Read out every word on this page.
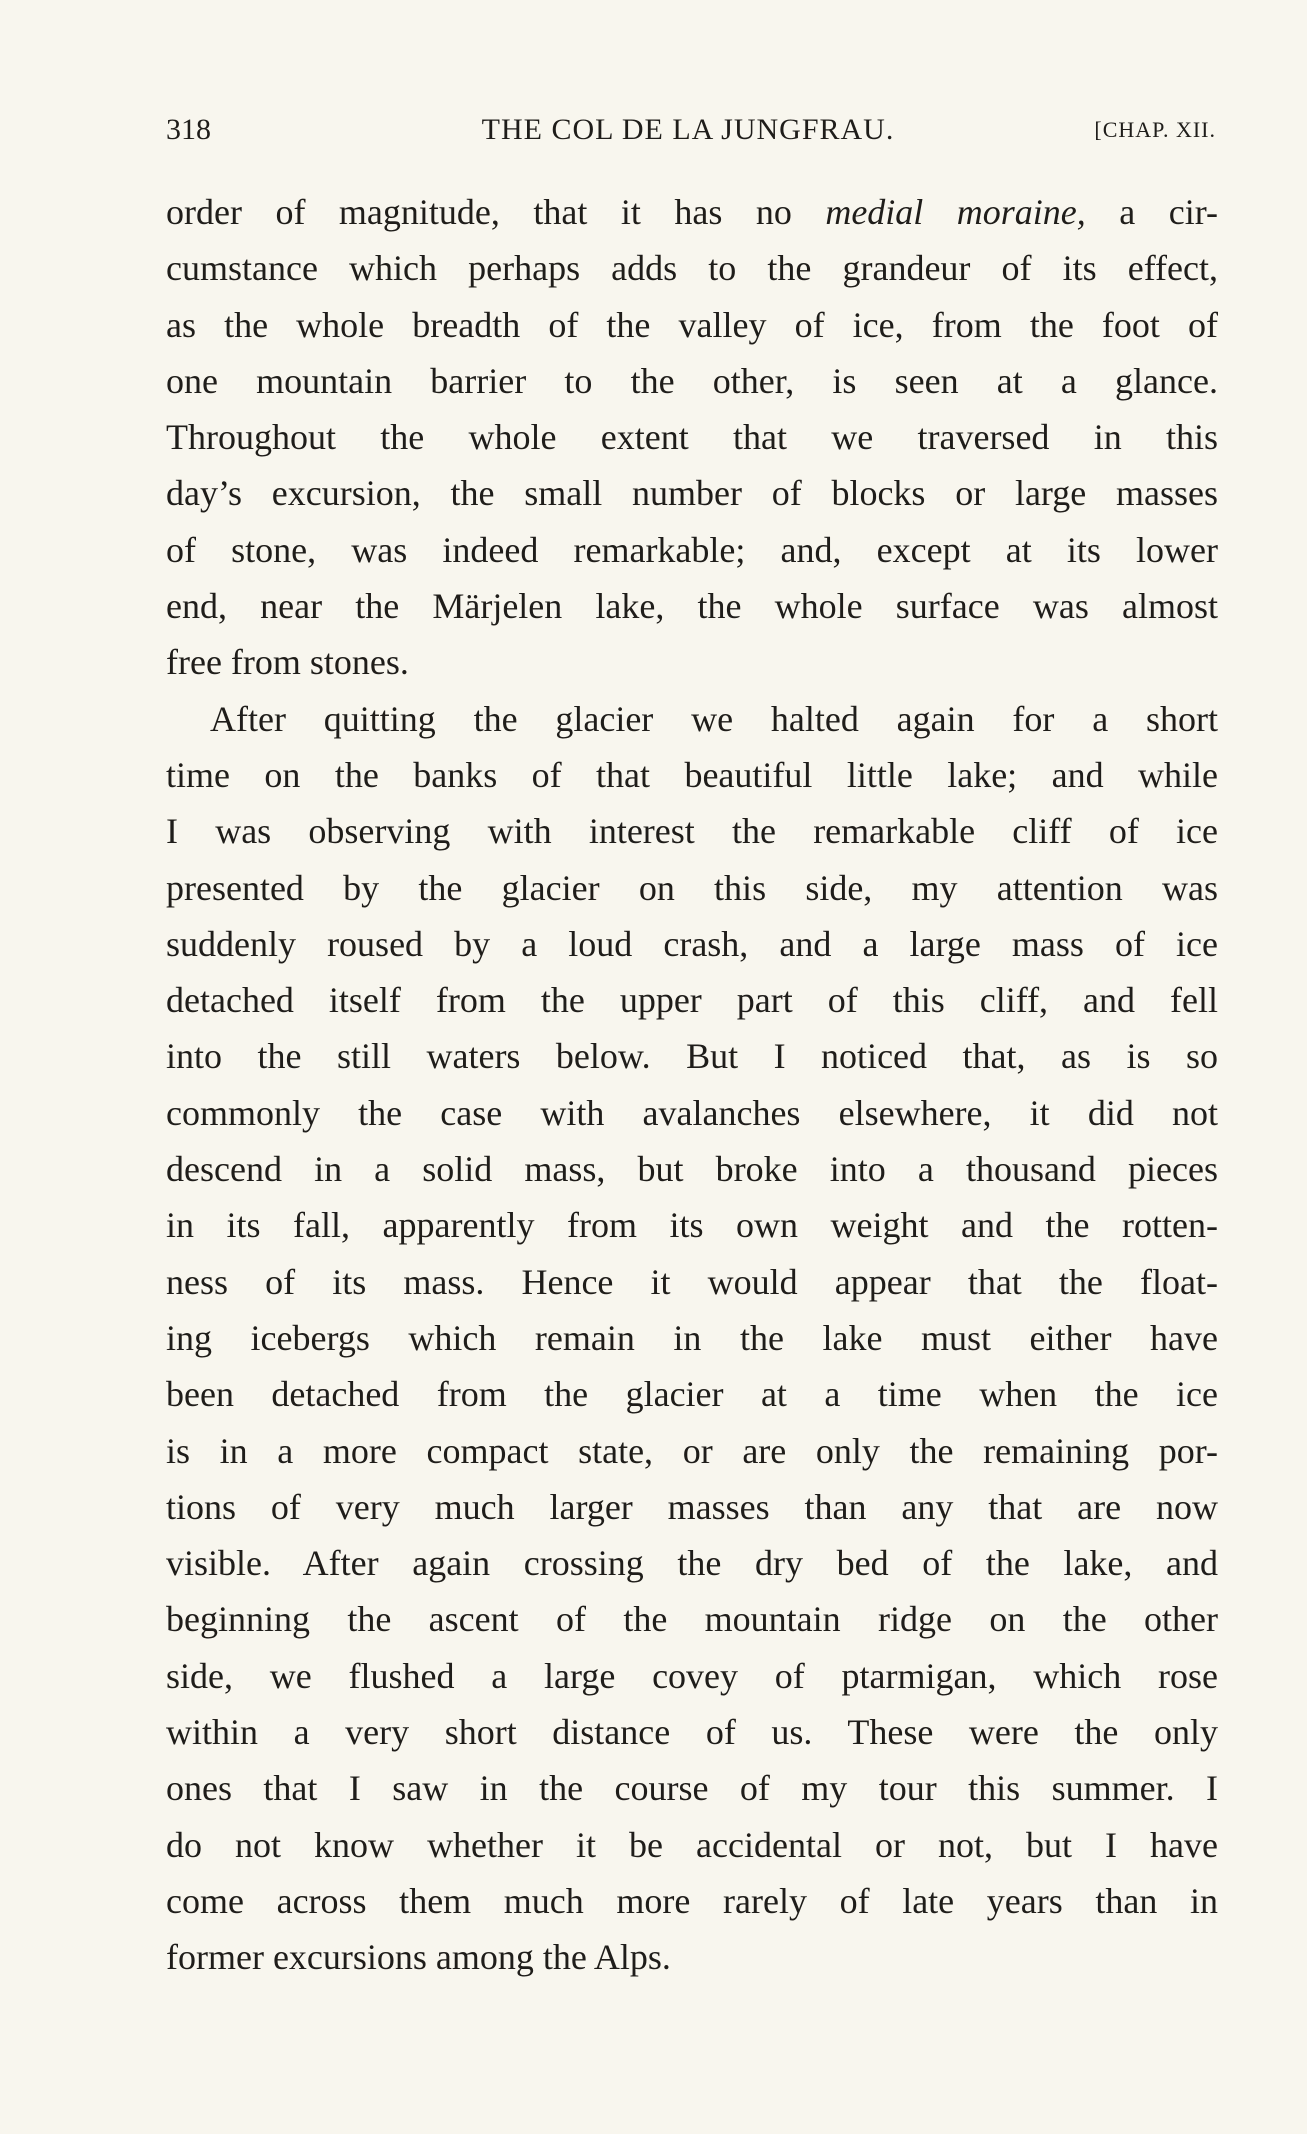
318	THE COL DE LA JUNGFRAU.	[CHAP. XII.
order of magnitude, that it has no medial moraine, a cir-
cumstance which perhaps adds to the grandeur of its effect,
as the whole breadth of the valley of ice, from the foot of
one mountain barrier to the other, is seen at a glance.
Throughout the whole extent that we traversed in this
day’s excursion, the small number of blocks or large masses
of stone, was indeed remarkable; and, except at its lower
end, near the Märjelen lake, the whole surface was almost
free from stones.
After quitting the glacier we halted again for a short
time on the banks of that beautiful little lake; and while
I was observing with interest the remarkable cliff of ice
presented by the glacier on this side, my attention was
suddenly roused by a loud crash, and a large mass of ice
detached itself from the upper part of this cliff, and fell
into the still waters below. But I noticed that, as is so
commonly the case with avalanches elsewhere, it did not
descend in a solid mass, but broke into a thousand pieces
in its fall, apparently from its own weight and the rotten-
ness of its mass. Hence it would appear that the float-
ing icebergs which remain in the lake must either have
been detached from the glacier at a time when the ice
is in a more compact state, or are only the remaining por-
tions of very much larger masses than any that are now
visible. After again crossing the dry bed of the lake, and
beginning the ascent of the mountain ridge on the other
side, we flushed a large covey of ptarmigan, which rose
within a very short distance of us. These were the only
ones that I saw in the course of my tour this summer. I
do not know whether it be accidental or not, but I have
come across them much more rarely of late years than in
former excursions among the Alps.
